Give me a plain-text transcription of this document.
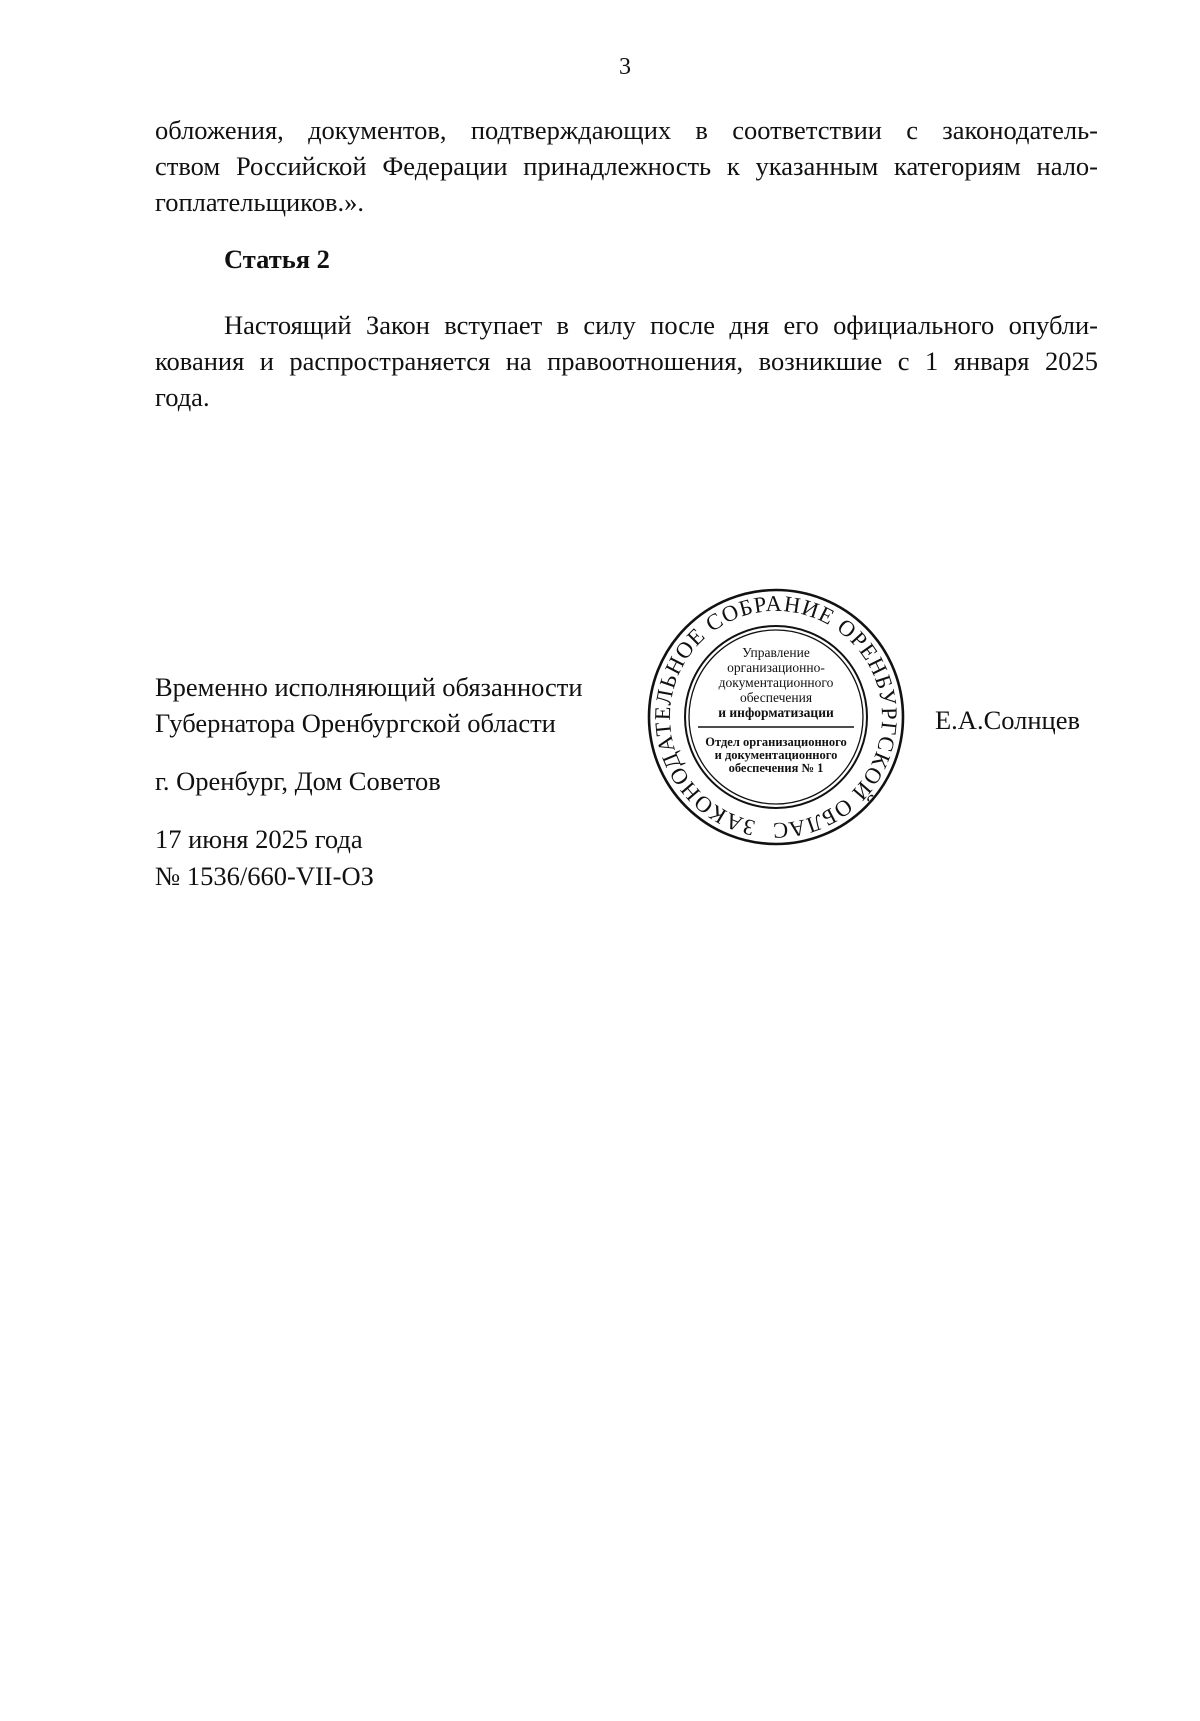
3
обложения, документов, подтверждающих в соответствии с законодатель-
ством Российской Федерации принадлежность к указанным категориям нало-
гоплательщиков.».
Статья 2
Настоящий Закон вступает в силу после дня его официального опубли-
кования и распространяется на правоотношения, возникшие с 1 января 2025
года.
Временно исполняющий обязанности
Губернатора Оренбургской области
ЗАКОНОДАТЕЛЬНОЕ СОБРАНИЕ ОРЕНБУРГСКОЙ ОБЛАС
Управление
организационно-
документационного
обеспечения
и информатизации
Отдел организационного
и документационного
обеспечения № 1
Е.А.Солнцев
г. Оренбург, Дом Советов
17 июня 2025 года
№ 1536/660-VII-ОЗ
